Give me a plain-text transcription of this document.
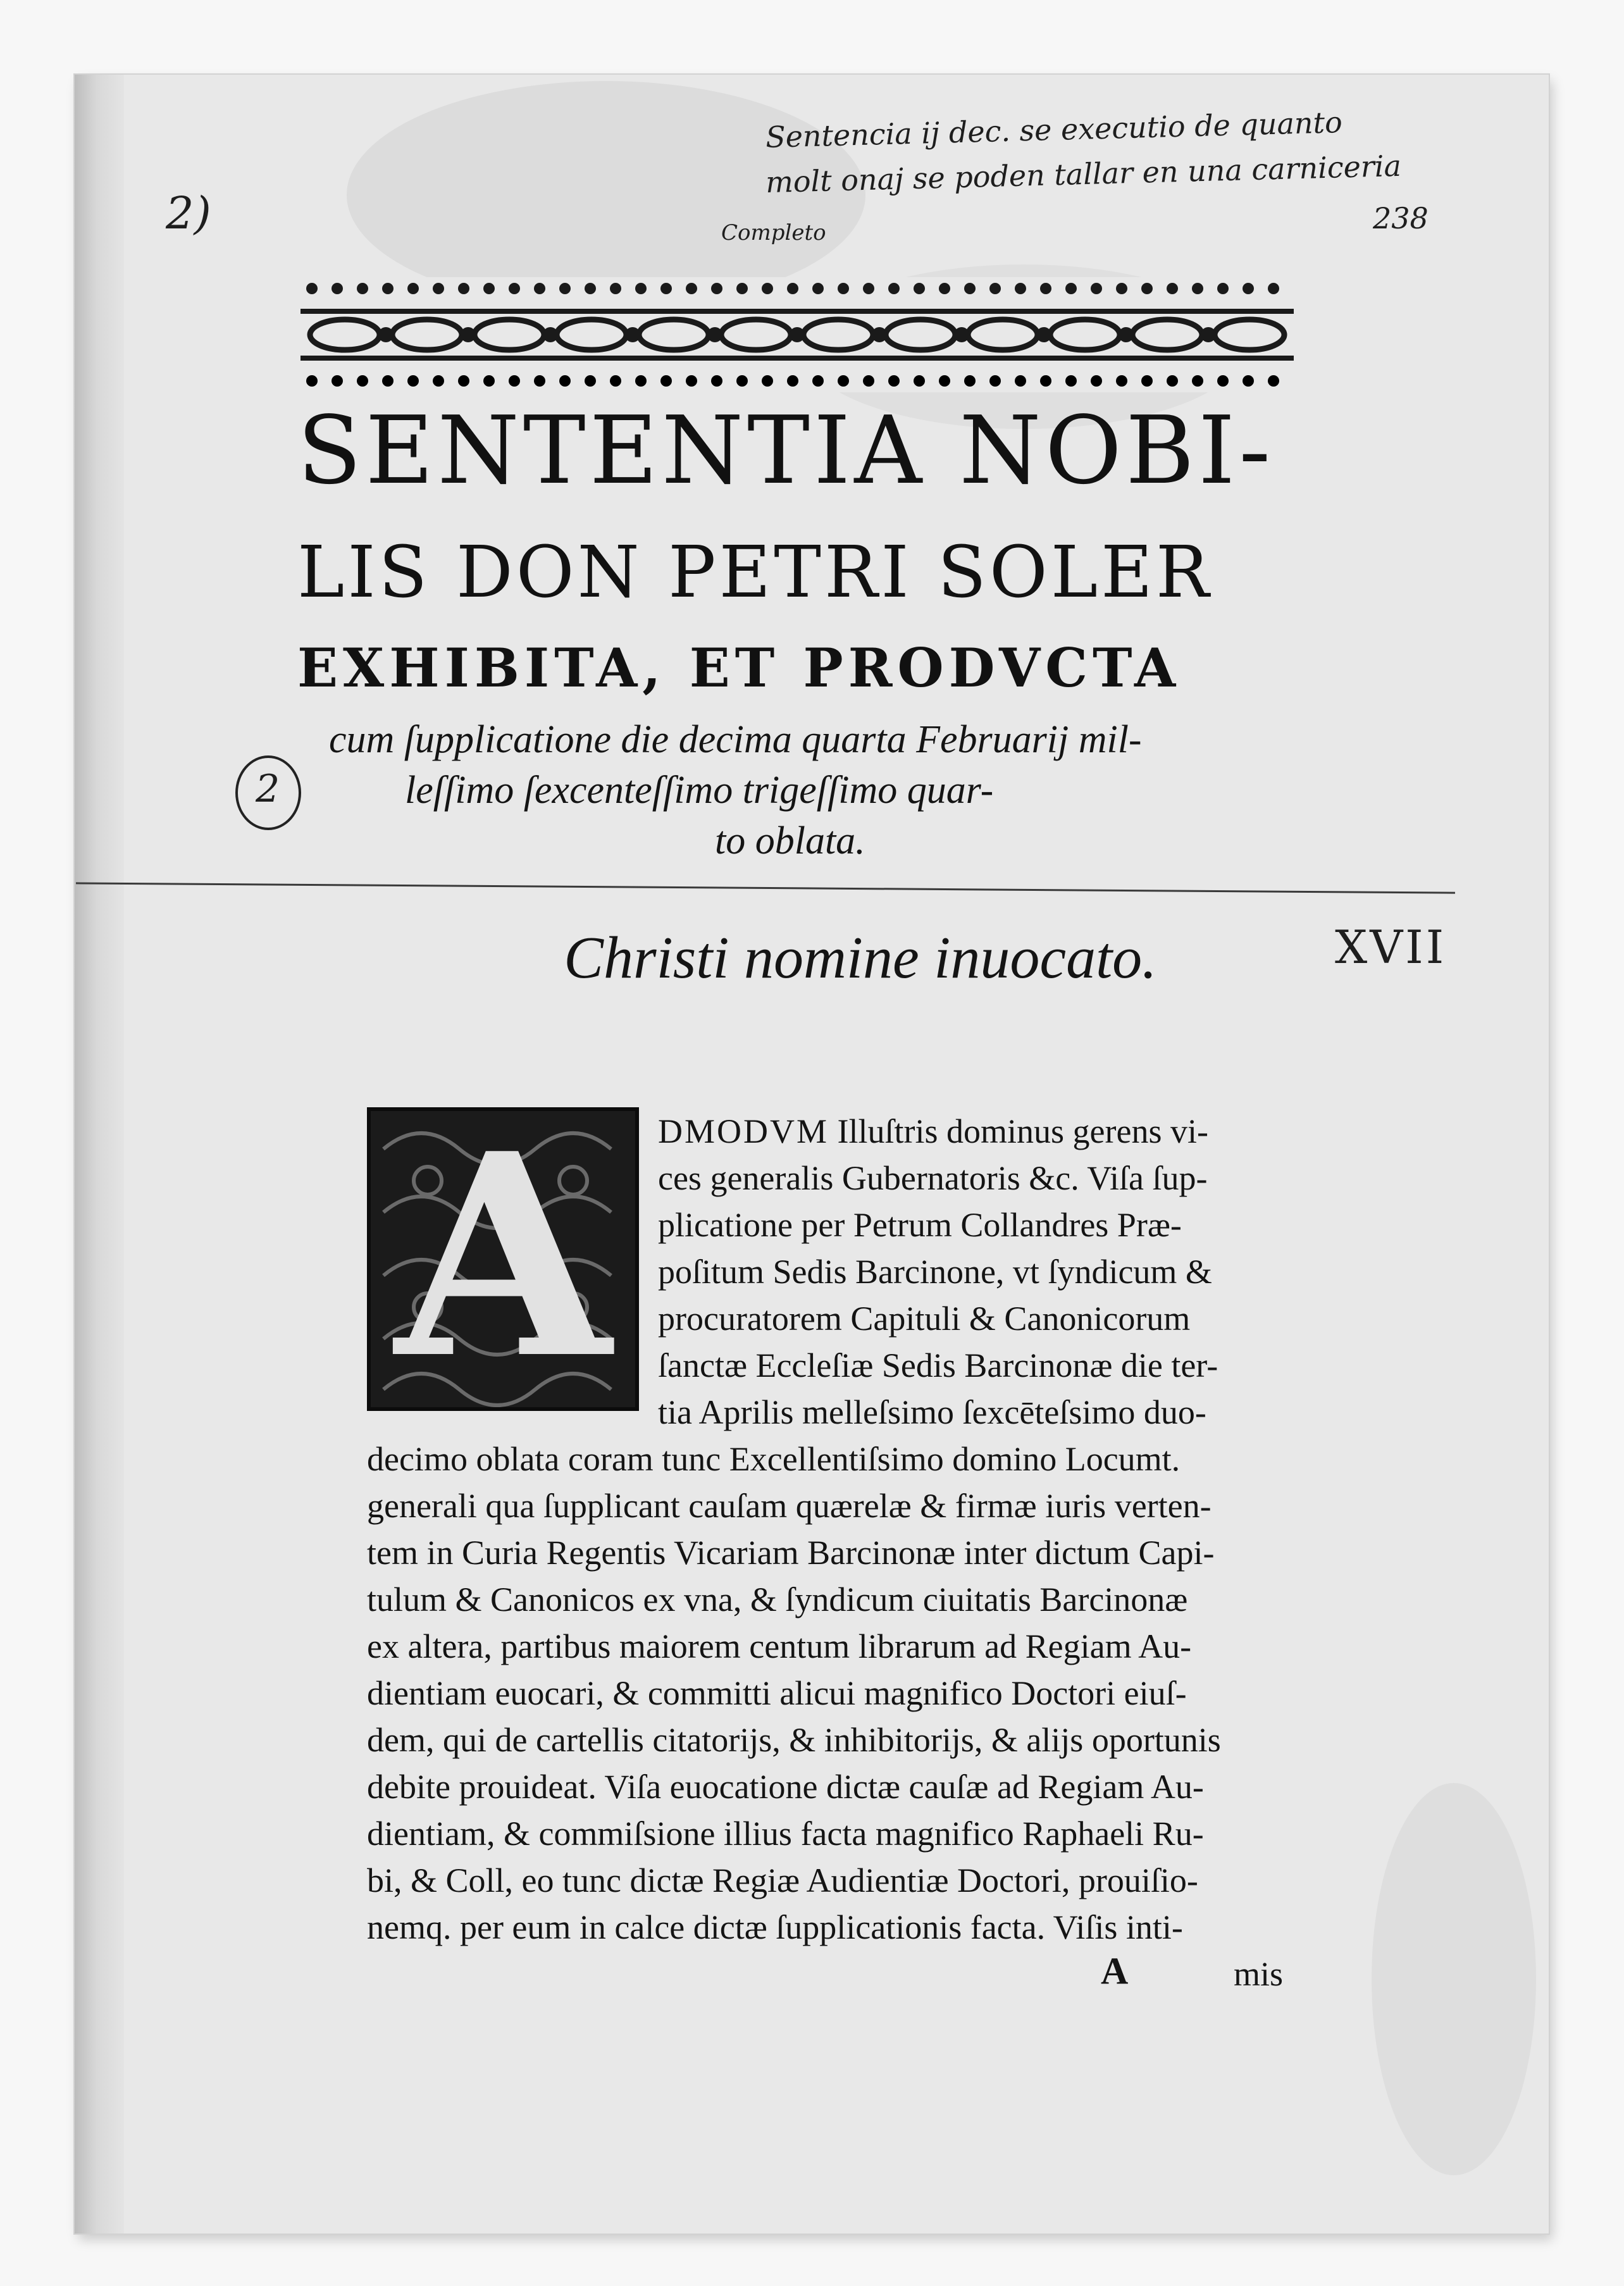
Sentencia ij dec. se executio de quanto
molt onaj se poden tallar en una carniceria
238
2)	Completo
2
XVII
SENTENTIA NOBI-
LIS DON PETRI SOLER
EXHIBITA, ET PRODVCTA
cum ſupplicatione die decima quarta Februarij mil-
leſſimo ſexcenteſſimo trigeſſimo quar-
to oblata.
Christi nomine inuocato.
A	DMODVM Illuſtris dominus gerens vi-
ces generalis Gubernatoris &c. Viſa ſup-
plicatione per Petrum Collandres Præ-
poſitum Sedis Barcinone, vt ſyndicum &
procuratorem Capituli & Canonicorum
ſanctæ Eccleſiæ Sedis Barcinonæ die ter-
tia Aprilis melleſsimo ſexcēteſsimo duo-
decimo oblata coram tunc Excellentiſsimo domino Locumt.
generali qua ſupplicant cauſam quærelæ & firmæ iuris verten-
tem in Curia Regentis Vicariam Barcinonæ inter dictum Capi-
tulum & Canonicos ex vna, & ſyndicum ciuitatis Barcinonæ
ex altera, partibus maiorem centum librarum ad Regiam Au-
dientiam euocari, & committi alicui magnifico Doctori eiuſ-
dem, qui de cartellis citatorijs, & inhibitorijs, & alijs oportunis
debite prouideat. Viſa euocatione dictæ cauſæ ad Regiam Au-
dientiam, & commiſsione illius facta magnifico Raphaeli Ru-
bi, & Coll, eo tunc dictæ Regiæ Audientiæ Doctori, prouiſio-
nemq. per eum in calce dictæ ſupplicationis facta. Viſis inti-
A	mis
